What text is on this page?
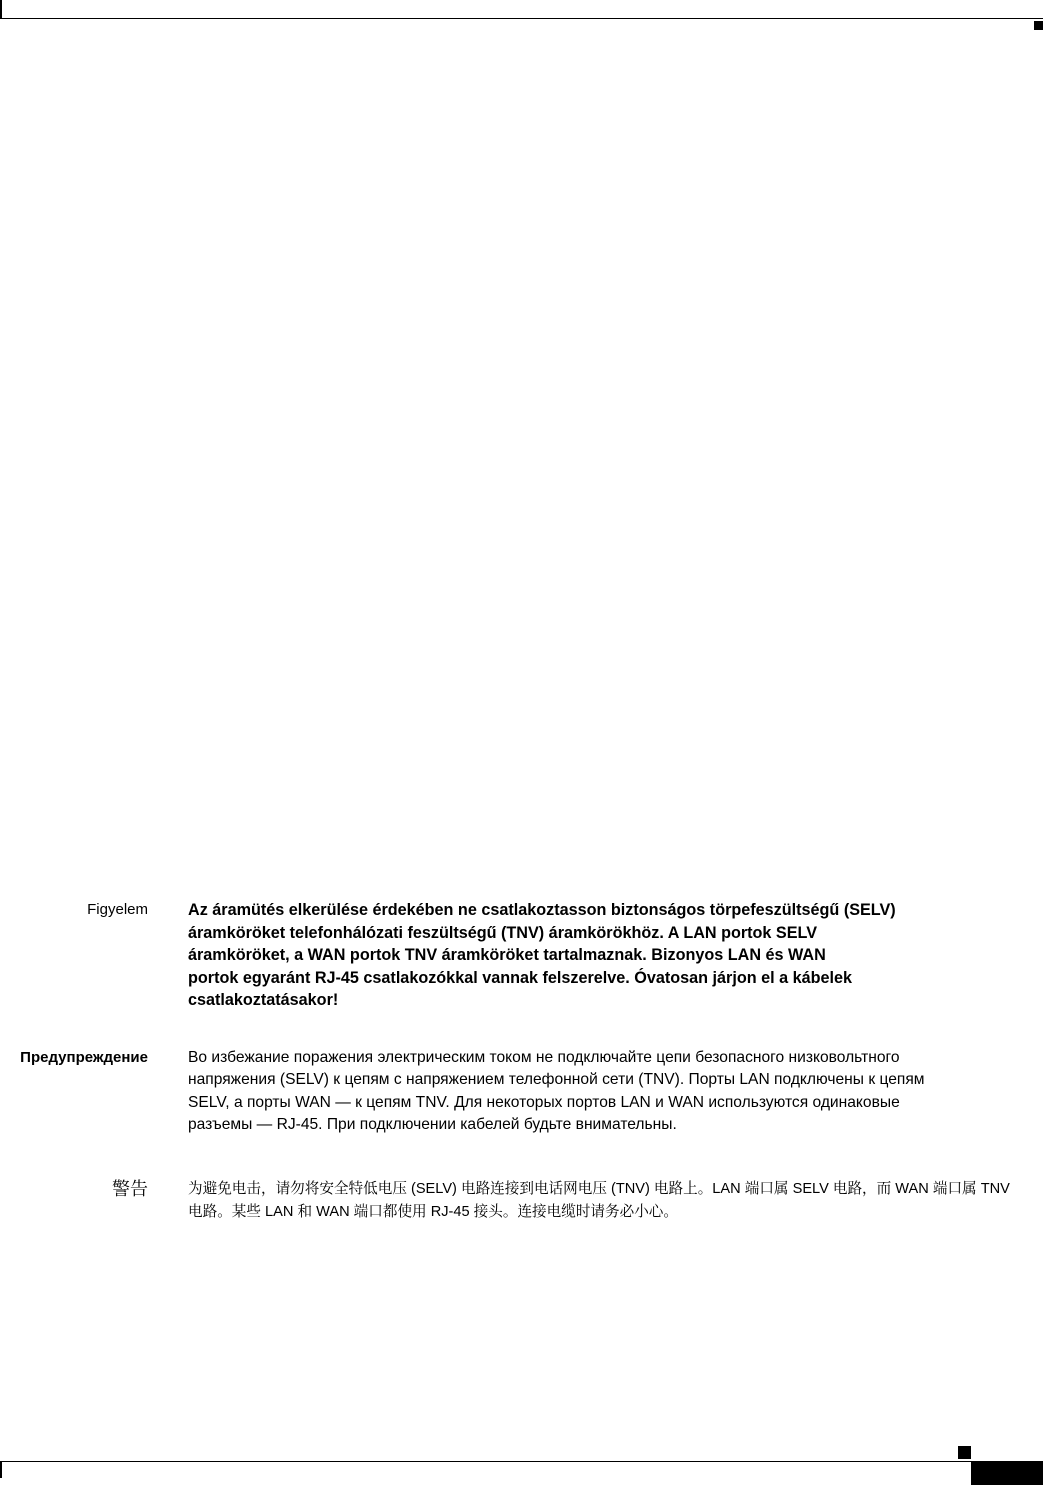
Figyelem Az áramütés elkerülése érdekében ne csatlakoztasson biztonságos törpefeszültségű (SELV)
áramköröket telefonhálózati feszültségű (TNV) áramkörökhöz. A LAN portok SELV
áramköröket, a WAN portok TNV áramköröket tartalmaznak. Bizonyos LAN és WAN
portok egyaránt RJ-45 csatlakozókkal vannak felszerelve. Óvatosan járjon el a kábelek
csatlakoztatásakor!
Предупреждение	Во избежание поражения электрическим током не подключайте цепи безопасного низковольтного
напряжения (SELV) к цепям с напряжением телефонной сети (TNV). Порты LAN подключены к цепям
SELV, а порты WAN — к цепям TNV. Для некоторых портов LAN и WAN используются одинаковые
разъемы — RJ-45. При подключении кабелей будьте внимательны.
警告	为避免电击，请勿将安全特低电压 (SELV) 电路连接到电话网电压 (TNV) 电路上。LAN 端口属 SELV 电路，而 WAN 端口属 TNV
电路。某些 LAN 和 WAN 端口都使用 RJ-45 接头。连接电缆时请务必小心。
